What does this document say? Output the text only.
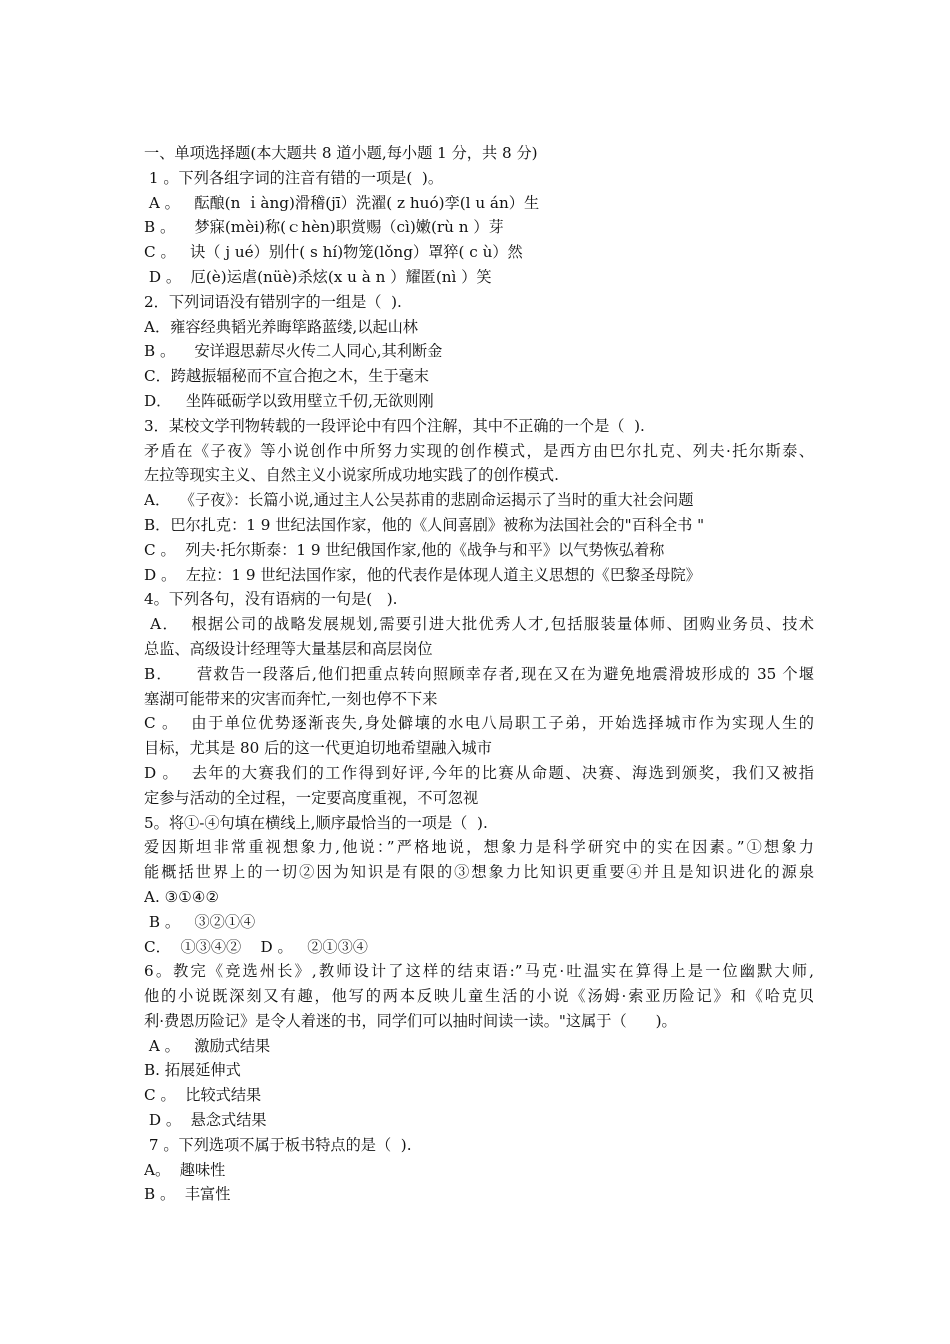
一、单项选择题(本大题共 8 道小题,每小题 1 分，共 8 分)
1 。下列各组字词的注音有错的一项是(  )。
A 。   酝酿(n ｉàng)滑稽(jī）洗濯( z huó)孪(l u án）生
B 。    梦寐(mèi)称(ｃhèn)职赏赐（cì)嫩(rù n ）芽
C 。   诀（ j ué）别什( s hí)物笼(lǒng）罩猝( c ù）然
D 。  厄(è)运虐(nüè)杀炫(x u à n ）耀匿(nì ）笑
2．下列词语没有错别字的一组是（  ).
A．雍容经典韬光养晦筚路蓝缕,以起山林
B 。    安详遐思薪尽火传二人同心,其利断金
C．跨越振辐秘而不宣合抱之木，生于毫末
D．   坐阵砥砺学以致用壁立千仞,无欲则刚
3．某校文学刊物转载的一段评论中有四个注解，其中不正确的一个是（  ).
矛盾在《子夜》等小说创作中所努力实现的创作模式，是西方由巴尔扎克、列夫·托尔斯泰、
左拉等现实主义、自然主义小说家所成功地实践了的创作模式.
A．  《子夜》：长篇小说,通过主人公吴荪甫的悲剧命运揭示了当时的重大社会问题
B．巴尔扎克：1 9 世纪法国作家，他的《人间喜剧》被称为法国社会的"百科全书 "
C 。  列夫·托尔斯泰：1 9 世纪俄国作家,他的《战争与和平》以气势恢弘着称
D 。  左拉：1 9 世纪法国作家，他的代表作是体现人道主义思想的《巴黎圣母院》
4。下列各句，没有语病的一句是(   ).
A．  根据公司的战略发展规划,需要引进大批优秀人才,包括服装量体师、团购业务员、技术
总监、高级设计经理等大量基层和高层岗位
B．    营救告一段落后,他们把重点转向照顾幸存者,现在又在为避免地震滑坡形成的 35 个堰
塞湖可能带来的灾害而奔忙,一刻也停不下来
C 。  由于单位优势逐渐丧失,身处僻壤的水电八局职工子弟，开始选择城市作为实现人生的
目标，尤其是 80 后的这一代更迫切地希望融入城市
D 。  去年的大赛我们的工作得到好评,今年的比赛从命题、决赛、海选到颁奖，我们又被指
定参与活动的全过程，一定要高度重视，不可忽视
5。将①-④句填在横线上,顺序最恰当的一项是（  ).
爱因斯坦非常重视想象力,他说：”严格地说，想象力是科学研究中的实在因素。”①想象力
能概括世界上的一切②因为知识是有限的③想象力比知识更重要④并且是知识进化的源泉
A. ③①④②
B 。   ③②①④
C．  ①③④②    D 。   ②①③④
6。教完《竞选州长》,教师设计了这样的结束语:”马克·吐温实在算得上是一位幽默大师,
他的小说既深刻又有趣，他写的两本反映儿童生活的小说《汤姆·索亚历险记》和《哈克贝
利·费恩历险记》是令人着迷的书，同学们可以抽时间读一读。"这属于（      )。
A 。   激励式结果
B. 拓展延伸式
C 。  比较式结果
D 。  悬念式结果
7 。下列选项不属于板书特点的是（  ).
A。  趣味性
B 。  丰富性
